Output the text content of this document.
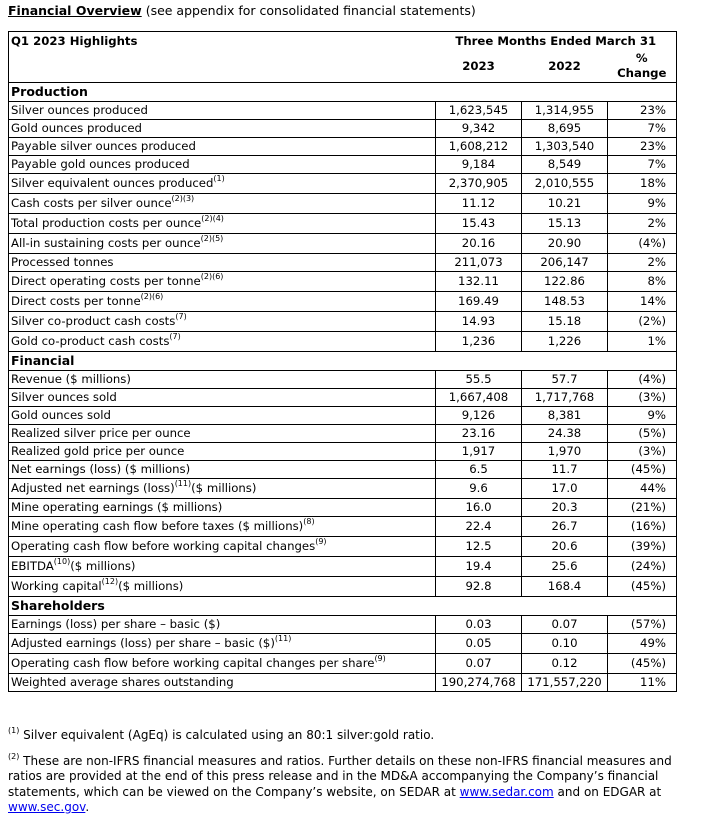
Financial Overview (see appendix for consolidated financial statements)
Q1 2023 Highlights	Three Months Ended March 31		
	2023	2022	%
Change

Production			
Silver ounces produced	1,623,545	1,314,955	23%
Gold ounces produced	9,342	8,695	7%
Payable silver ounces produced	1,608,212	1,303,540	23%
Payable gold ounces produced	9,184	8,549	7%
Silver equivalent ounces produced$^{(1)}$	2,370,905	2,010,555	18%
Cash costs per silver ounce$^{(2)(3)}$	11.12	10.21	9%
Total production costs per ounce$^{(2)(4)}$	15.43	15.13	2%
All-in sustaining costs per ounce$^{(2)(5)}$	20.16	20.90	(4%)
Processed tonnes	211,073	206,147	2%
Direct operating costs per tonne$^{(2)(6)}$	132.11	122.86	8%
Direct costs per tonne$^{(2)(6)}$	169.49	148.53	14%
Silver co-product cash costs$^{(7)}$	14.93	15.18	(2%)
Gold co-product cash costs$^{(7)}$	1,236	1,226	1%
Financial			
Revenue ($ millions)	55.5	57.7	(4%)
Silver ounces sold	1,667,408	1,717,768	(3%)
Gold ounces sold	9,126	8,381	9%
Realized silver price per ounce	23.16	24.38	(5%)
Realized gold price per ounce	1,917	1,970	(3%)
Net earnings (loss) ($ millions)	6.5	11.7	(45%)
Adjusted net earnings (loss)$^{(11)}$($ millions)	9.6	17.0	44%
Mine operating earnings ($ millions)	16.0	20.3	(21%)
Mine operating cash flow before taxes ($ millions)$^{(8)}$	22.4	26.7	(16%)
Operating cash flow before working capital changes$^{(9)}$	12.5	20.6	(39%)
EBITDA$^{(10)}$($ millions)	19.4	25.6	(24%)
Working capital$^{(12)}$($ millions)	92.8	168.4	(45%)
Shareholders			
Earnings (loss) per share – basic ($)	0.03	0.07	(57%)
Adjusted earnings (loss) per share – basic ($)$^{(11)}$	0.05	0.10	49%
Operating cash flow before working capital changes per share$^{(9)}$	0.07	0.12	(45%)
Weighted average shares outstanding	190,274,768	171,557,220	11%

$^{(1)}$ Silver equivalent (AgEq) is calculated using an 80:1 silver:gold ratio.

$^{(2)}$ These are non-IFRS financial measures and ratios. Further details on these non-IFRS financial measures and ratios are provided at the end of this press release and in the MD&A accompanying the Company’s financial statements, which can be viewed on the Company’s website, on SEDAR at www.sedar.com and on EDGAR at www.sec.gov.
